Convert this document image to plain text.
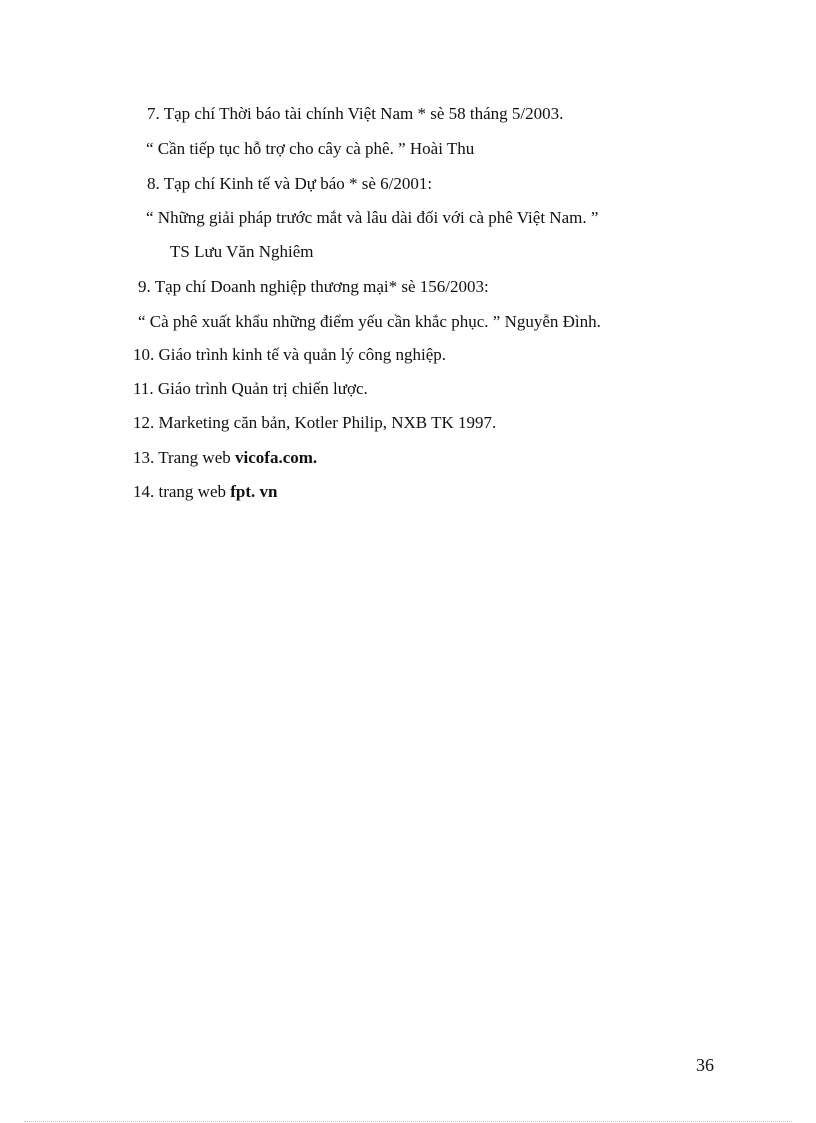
7. Tạp chí Thời báo tài chính Việt Nam * sè 58 tháng 5/2003.
“ Cần tiếp tục hỗ trợ cho cây cà phê. ” Hoài Thu
8. Tạp chí Kinh tế và Dự báo * sè 6/2001:
“ Những giải pháp trước mắt và lâu dài đối với cà phê Việt Nam. ”
TS Lưu Văn Nghiêm
9. Tạp chí Doanh nghiệp thương mại* sè 156/2003:
“ Cà phê xuất khẩu những điểm yếu cần khắc phục. ” Nguyễn Đình.
10. Giáo trình kinh tế và quản lý công nghiệp.
11. Giáo trình Quản trị chiến lược.
12. Marketing căn bản, Kotler Philip, NXB TK 1997.
13. Trang web vicofa.com.
14. trang web fpt. vn
36
